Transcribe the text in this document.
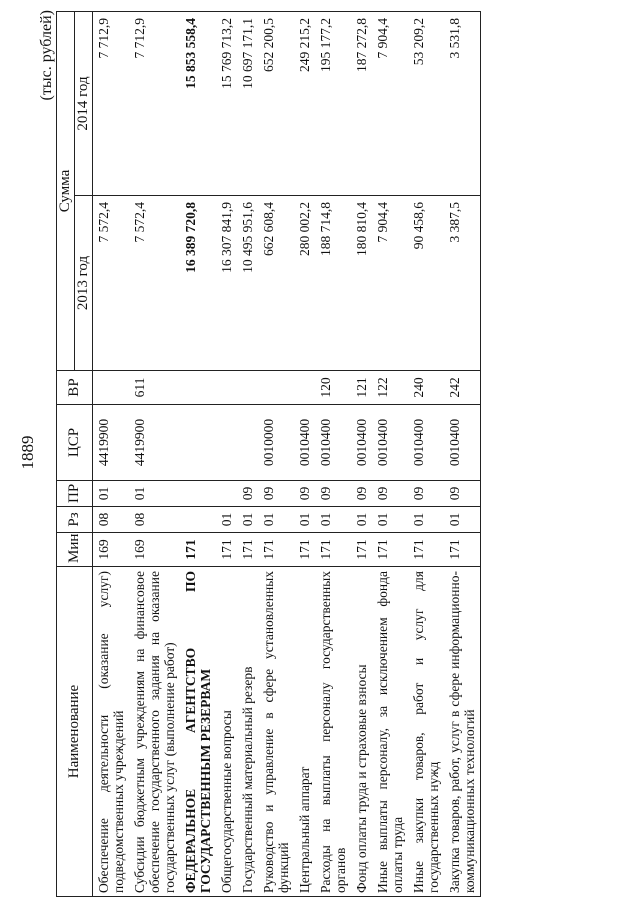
1889
(тыс. рублей)
Наименование	Мин	Рз	ПР	ЦСР	ВР	Сумма	
						2013 год	2014 год
Обеспечение деятельности (оказание услуг) подведомственных учреждений	169	08	01	4419900		7 572,4	7 712,9
Субсидии бюджетным учреждениям на финансовое обеспечение государственного задания на оказание государственных услуг (выполнение работ)	169	08	01	4419900	611	7 572,4	7 712,9
ФЕДЕРАЛЬНОЕ АГЕНТСТВО ПО ГОСУДАРСТВЕННЫМ РЕЗЕРВАМ	171					16 389 720,8	15 853 558,4
Общегосударственные вопросы	171	01				16 307 841,9	15 769 713,2
Государственный материальный резерв	171	01	09			10 495 951,6	10 697 171,1
Руководство и управление в сфере установленных функций	171	01	09	0010000		662 608,4	652 200,5
Центральный аппарат	171	01	09	0010400		280 002,2	249 215,2
Расходы на выплаты персоналу государственных органов	171	01	09	0010400	120	188 714,8	195 177,2
Фонд оплаты труда и страховые взносы	171	01	09	0010400	121	180 810,4	187 272,8
Иные выплаты персоналу, за исключением фонда оплаты труда	171	01	09	0010400	122	7 904,4	7 904,4
Иные закупки товаров, работ и услуг для государственных нужд	171	01	09	0010400	240	90 458,6	53 209,2
Закупка товаров, работ, услуг в сфере информационно-коммуникационных технологий	171	01	09	0010400	242	3 387,5	3 531,8
